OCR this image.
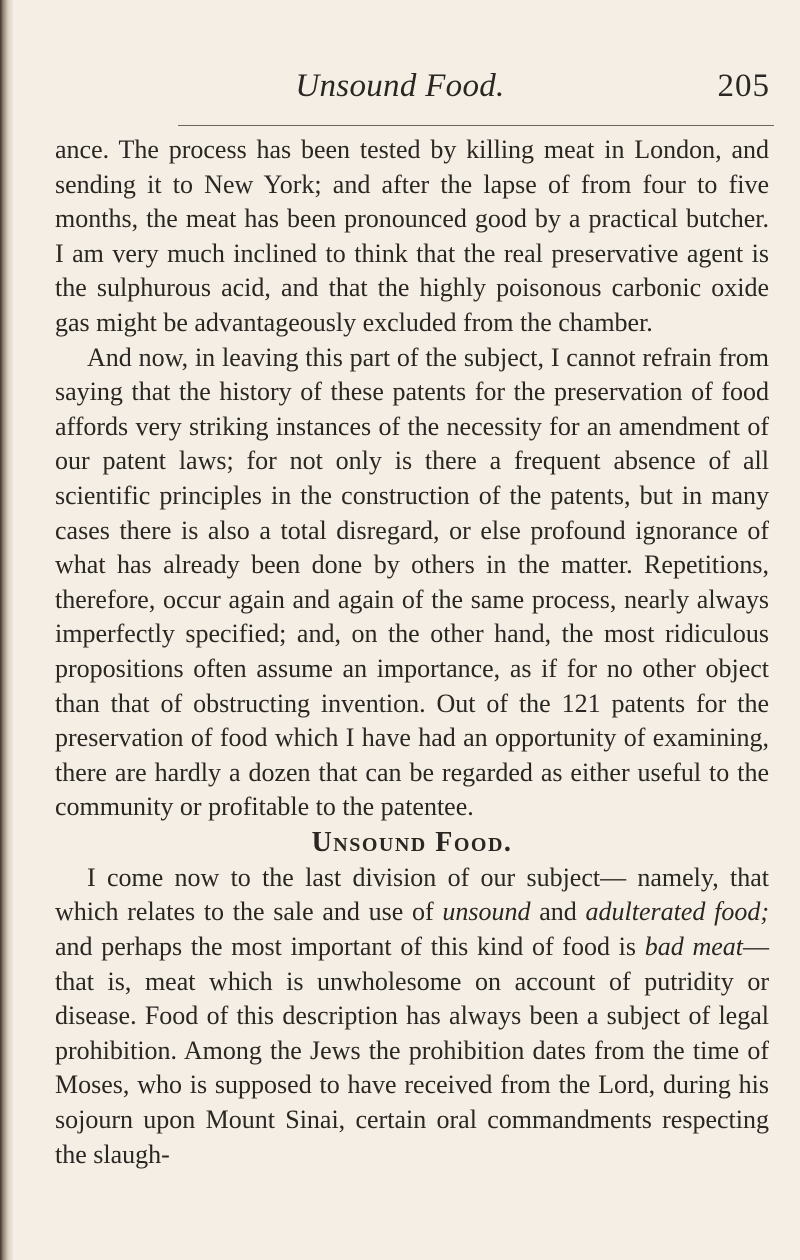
Unsound Food.	205

ance. The process has been tested by killing meat in London, and sending it to New York; and after the lapse of from four to five months, the meat has been pronounced good by a practical butcher. I am very much inclined to think that the real preservative agent is the sulphurous acid, and that the highly poisonous carbonic oxide gas might be advantageously excluded from the chamber.

And now, in leaving this part of the subject, I cannot refrain from saying that the history of these patents for the preservation of food affords very striking instances of the necessity for an amendment of our patent laws; for not only is there a frequent absence of all scientific principles in the construction of the patents, but in many cases there is also a total disregard, or else profound ignorance of what has already been done by others in the matter. Repetitions, therefore, occur again and again of the same process, nearly always imperfectly specified; and, on the other hand, the most ridiculous propositions often assume an importance, as if for no other object than that of obstructing invention. Out of the 121 patents for the preservation of food which I have had an opportunity of examining, there are hardly a dozen that can be regarded as either useful to the community or profitable to the patentee.

Unsound Food.

I come now to the last division of our subject— namely, that which relates to the sale and use of unsound and adulterated food; and perhaps the most important of this kind of food is bad meat—that is, meat which is unwholesome on account of putridity or disease. Food of this description has always been a subject of legal prohibition. Among the Jews the prohibition dates from the time of Moses, who is supposed to have received from the Lord, during his sojourn upon Mount Sinai, certain oral commandments respecting the slaugh-
